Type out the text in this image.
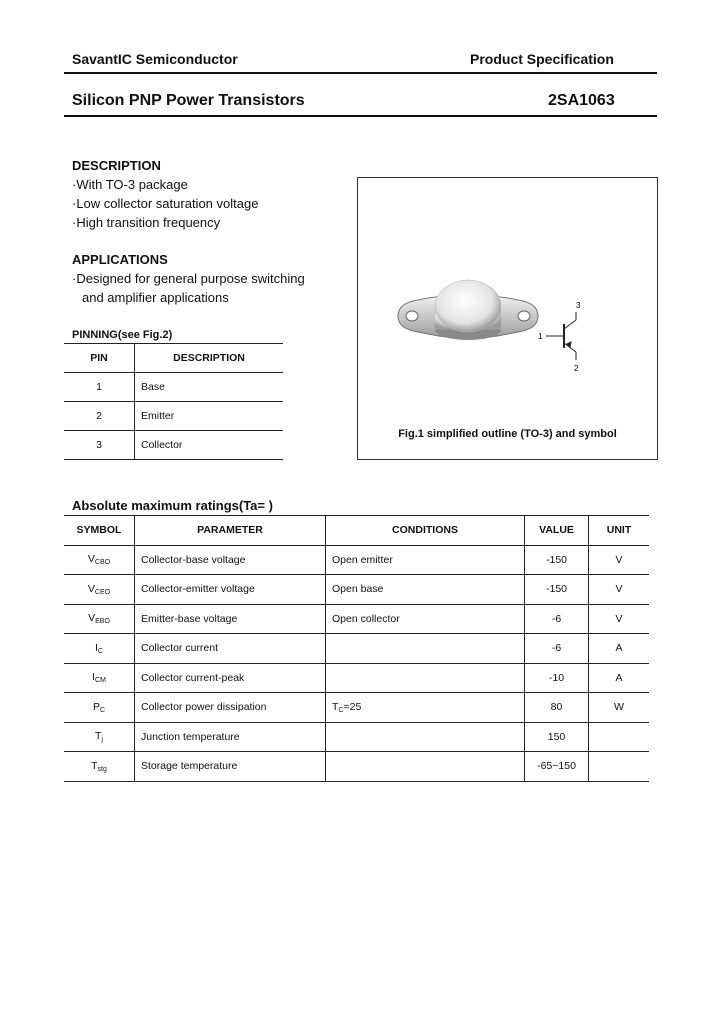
SavantIC Semiconductor	Product Specification
Silicon PNP Power Transistors	2SA1063
DESCRIPTION
·With TO-3 package
·Low collector saturation voltage
·High transition frequency
APPLICATIONS
·Designed for general purpose switching
and amplifier applications
PINNING(see Fig.2)
PIN	DESCRIPTION
1	Base
2	Emitter
3	Collector
1
2
3
Fig.1 simplified outline (TO-3) and symbol
Absolute maximum ratings(Ta= )
SYMBOL	PARAMETER	CONDITIONS	VALUE	UNIT
$V_{CBO}$	Collector-base voltage	Open emitter	-150	V
$V_{CEO}$	Collector-emitter voltage	Open base	-150	V
$V_{EBO}$	Emitter-base voltage	Open collector	-6	V
$I_C$	Collector current		-6	A
$I_{CM}$	Collector current-peak		-10	A
$P_C$	Collector power dissipation	$T_C=25$	80	W
$T_j$	Junction temperature		150	
$T_{stg}$	Storage temperature		-65~150	
